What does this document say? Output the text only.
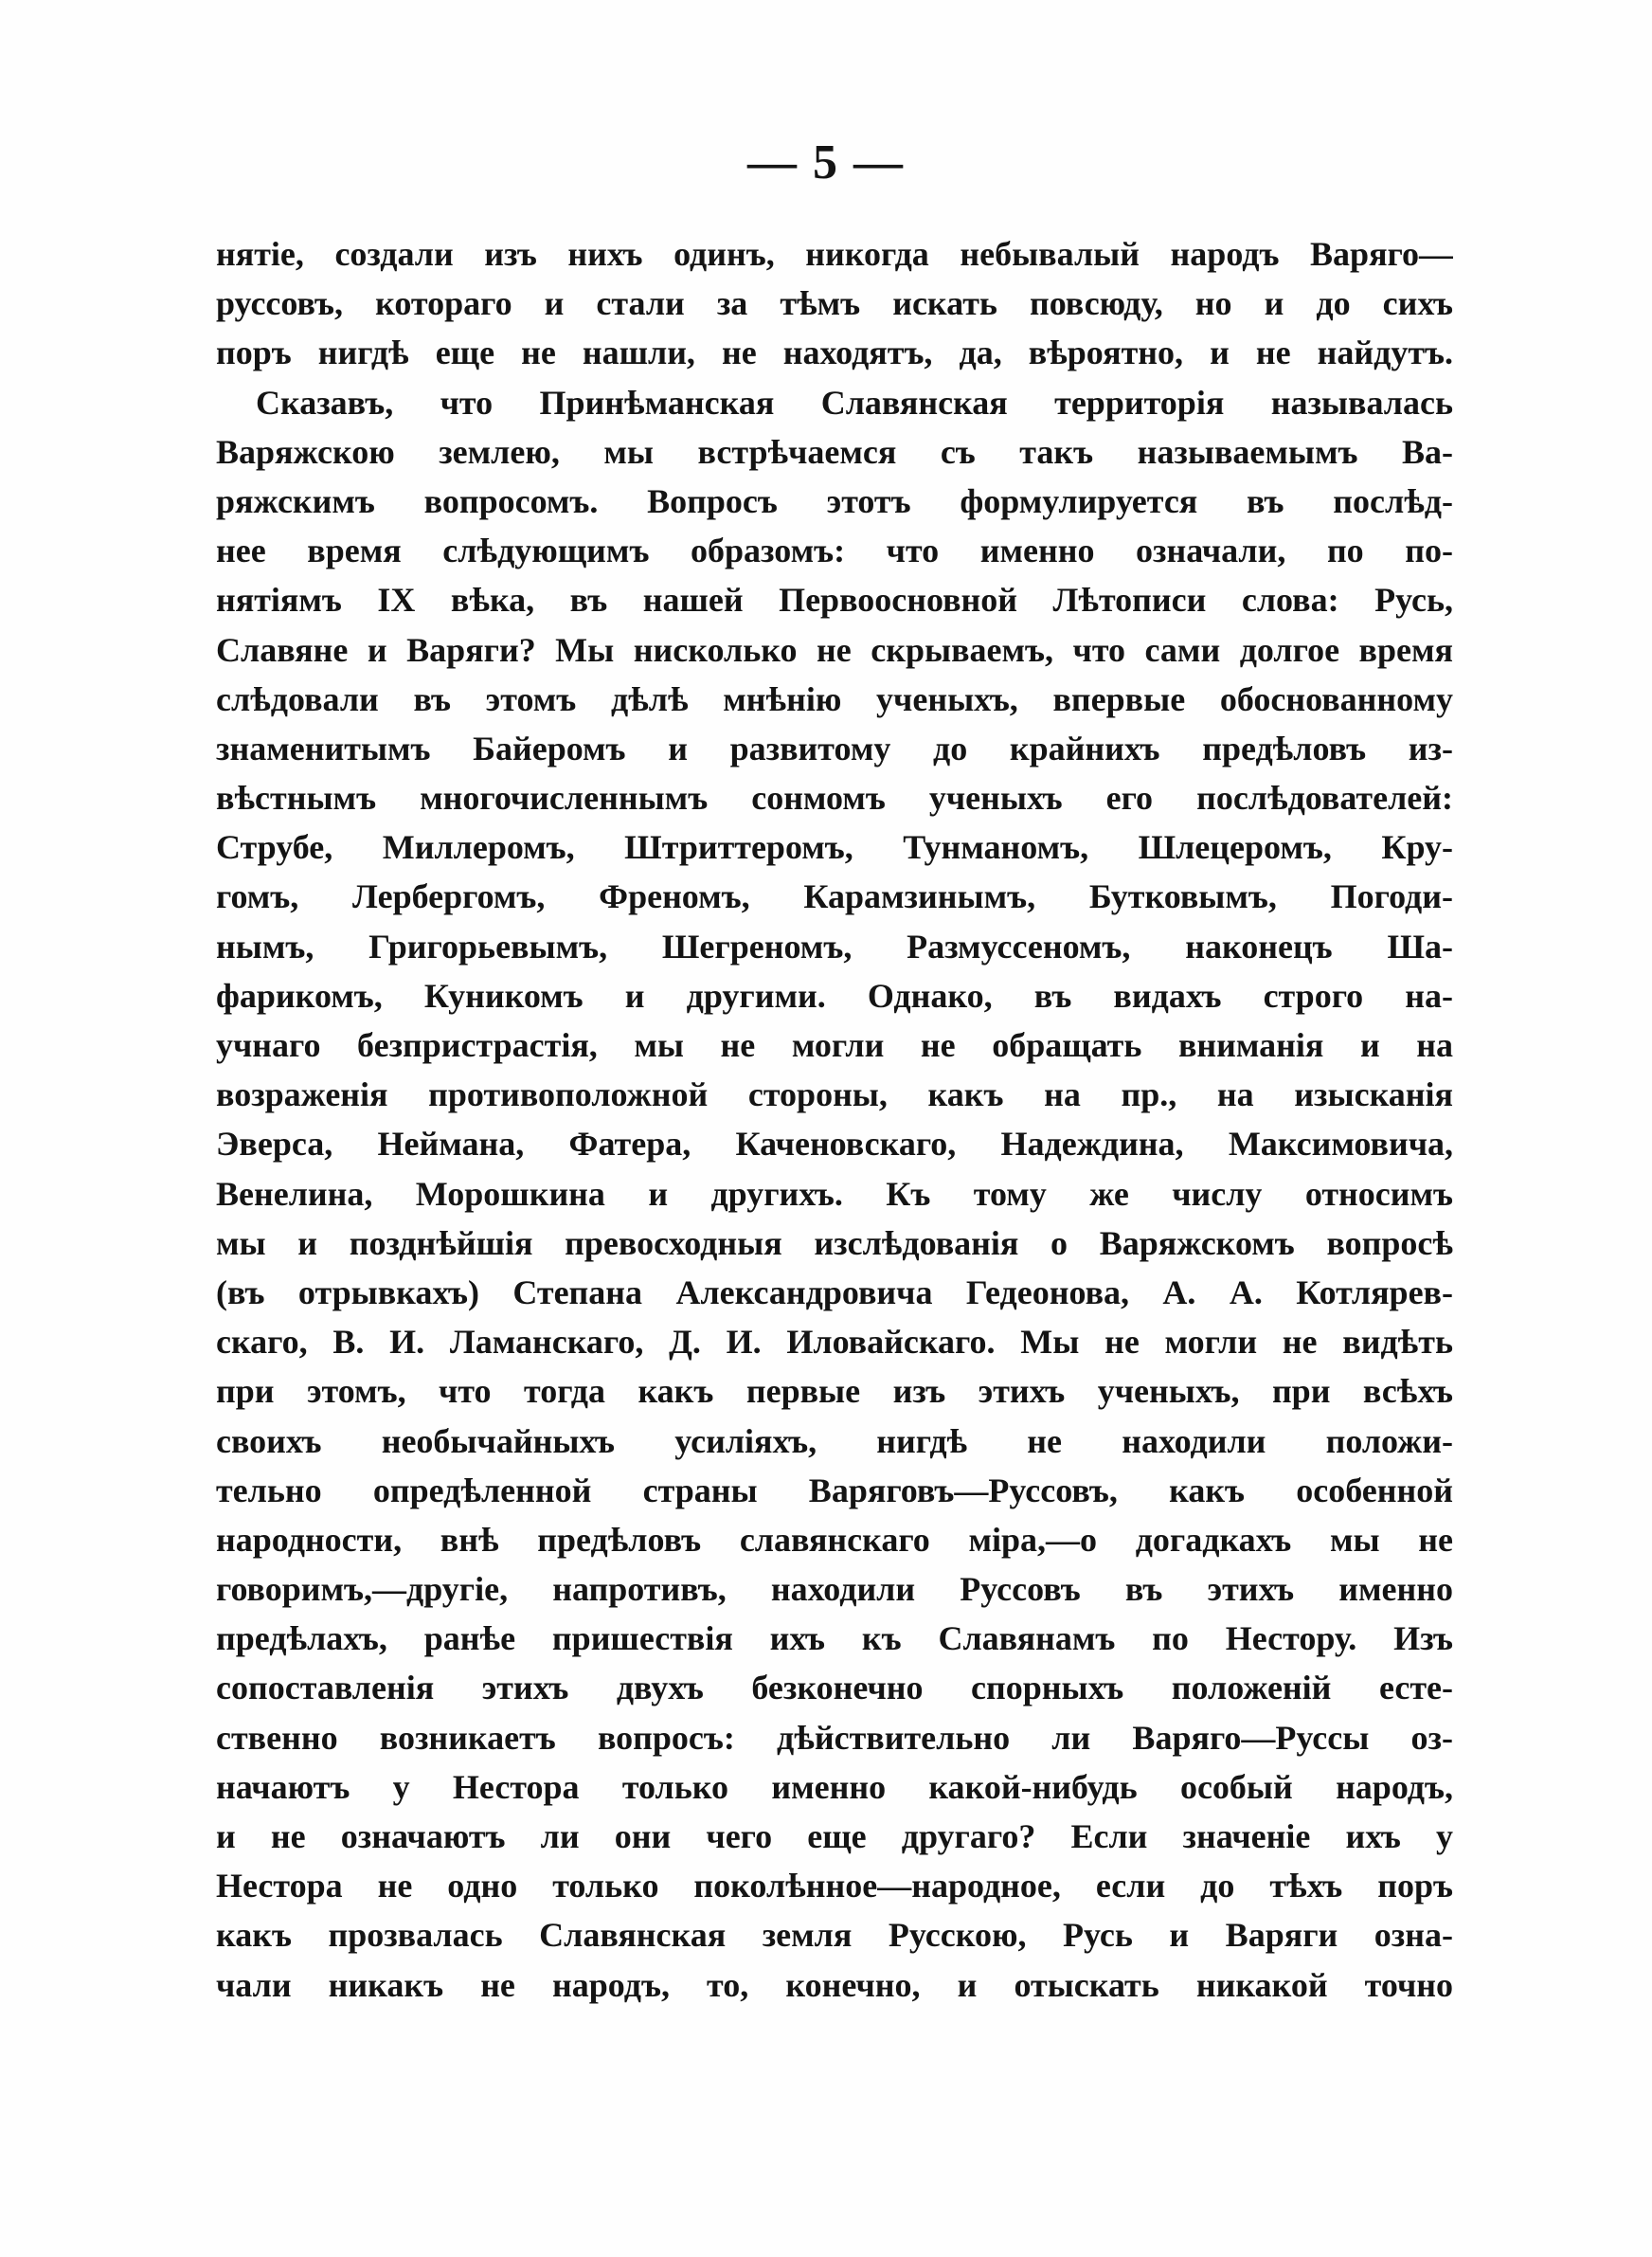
— 5 —
нятіе, создали изъ нихъ одинъ, никогда небывалый народъ Варяго—
руссовъ, котораго и стали за тѣмъ искать повсюду, но и до сихъ
поръ нигдѣ еще не нашли, не находятъ, да, вѣроятно, и не найдутъ.
Сказавъ, что Принѣманская Славянская территорія называлась
Варяжскою землею, мы встрѣчаемся съ такъ называемымъ Ва-
ряжскимъ вопросомъ. Вопросъ этотъ формулируется въ послѣд-
нее время слѣдующимъ образомъ: что именно означали, по по-
нятіямъ IX вѣка, въ нашей Первоосновной Лѣтописи слова: Русь,
Славяне и Варяги? Мы нисколько не скрываемъ, что сами долгое время
слѣдовали въ этомъ дѣлѣ мнѣнію ученыхъ, впервые обоснованному
знаменитымъ Байеромъ и развитому до крайнихъ предѣловъ из-
вѣстнымъ многочисленнымъ сонмомъ ученыхъ его послѣдователей:
Струбе, Миллеромъ, Штриттеромъ, Тунманомъ, Шлецеромъ, Кру-
гомъ, Лербергомъ, Френомъ, Карамзинымъ, Бутковымъ, Погоди-
нымъ, Григорьевымъ, Шегреномъ, Размуссеномъ, наконецъ Ша-
фарикомъ, Куникомъ и другими. Однако, въ видахъ строго на-
учнаго безпристрастія, мы не могли не обращать вниманія и на
возраженія противоположной стороны, какъ на пр., на изысканія
Эверса, Неймана, Фатера, Каченовскаго, Надеждина, Максимовича,
Венелина, Морошкина и другихъ. Къ тому же числу относимъ
мы и позднѣйшія превосходныя изслѣдованія о Варяжскомъ вопросѣ
(въ отрывкахъ) Степана Александровича Гедеонова, А. А. Котлярев-
скаго, В. И. Ламанскаго, Д. И. Иловайскаго. Мы не могли не видѣть
при этомъ, что тогда какъ первые изъ этихъ ученыхъ, при всѣхъ
своихъ необычайныхъ усиліяхъ, нигдѣ не находили положи-
тельно опредѣленной страны Варяговъ—Руссовъ, какъ особенной
народности, внѣ предѣловъ славянскаго міра,—о догадкахъ мы не
говоримъ,—другіе, напротивъ, находили Руссовъ въ этихъ именно
предѣлахъ, ранѣе пришествія ихъ къ Славянамъ по Нестору. Изъ
сопоставленія этихъ двухъ безконечно спорныхъ положеній есте-
ственно возникаетъ вопросъ: дѣйствительно ли Варяго—Руссы оз-
начаютъ у Нестора только именно какой-нибудь особый народъ,
и не означаютъ ли они чего еще другаго? Если значеніе ихъ у
Нестора не одно только поколѣнное—народное, если до тѣхъ поръ
какъ прозвалась Славянская земля Русскою, Русь и Варяги озна-
чали никакъ не народъ, то, конечно, и отыскать никакой точно
